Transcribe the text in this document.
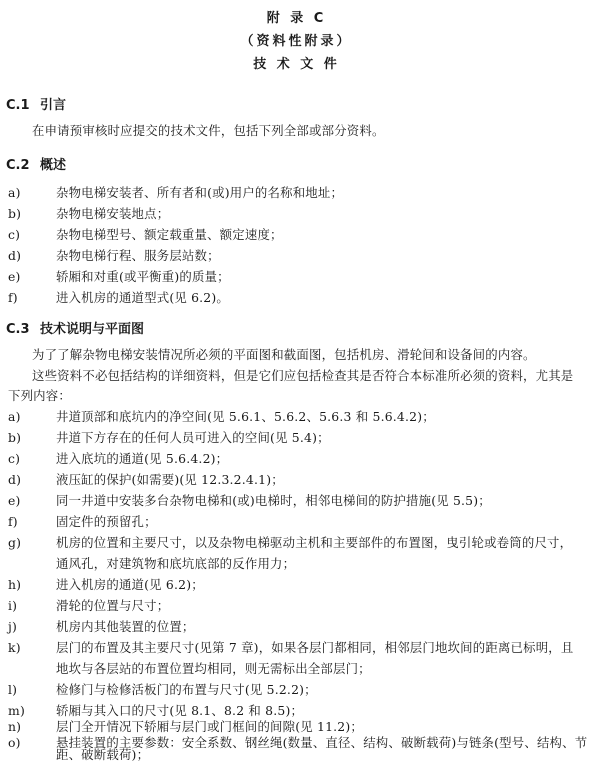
附 录 C
（资料性附录）
技 术 文 件
C.1 引言
在申请预审核时应提交的技术文件，包括下列全部或部分资料。
C.2 概述
a)	杂物电梯安装者、所有者和(或)用户的名称和地址；
b)	杂物电梯安装地点；
c)	杂物电梯型号、额定载重量、额定速度；
d)	杂物电梯行程、服务层站数；
e)	轿厢和对重(或平衡重)的质量；
f)	进入机房的通道型式(见 6.2)。
C.3 技术说明与平面图
为了了解杂物电梯安装情况所必须的平面图和截面图，包括机房、滑轮间和设备间的内容。
这些资料不必包括结构的详细资料，但是它们应包括检查其是否符合本标准所必须的资料，尤其是
下列内容：
a)	井道顶部和底坑内的净空间(见 5.6.1、5.6.2、5.6.3 和 5.6.4.2)；
b)	井道下方存在的任何人员可进入的空间(见 5.4)；
c)	进入底坑的通道(见 5.6.4.2)；
d)	液压缸的保护(如需要)(见 12.3.2.4.1)；
e)	同一井道中安装多台杂物电梯和(或)电梯时，相邻电梯间的防护措施(见 5.5)；
f)	固定件的预留孔；
g)	机房的位置和主要尺寸，以及杂物电梯驱动主机和主要部件的布置图，曳引轮或卷筒的尺寸，
通风孔，对建筑物和底坑底部的反作用力；
h)	进入机房的通道(见 6.2)；
i)	滑轮的位置与尺寸；
j)	机房内其他装置的位置；
k)	层门的布置及其主要尺寸(见第 7 章)，如果各层门都相同，相邻层门地坎间的距离已标明，且
地坎与各层站的布置位置均相同，则无需标出全部层门；
l)	检修门与检修活板门的布置与尺寸(见 5.2.2)；
m)	轿厢与其入口的尺寸(见 8.1、8.2 和 8.5)；
n)	层门全开情况下轿厢与层门或门框间的间隙(见 11.2)；
o)	悬挂装置的主要参数：安全系数、钢丝绳(数量、直径、结构、破断载荷)与链条(型号、结构、节
距、破断载荷)；
